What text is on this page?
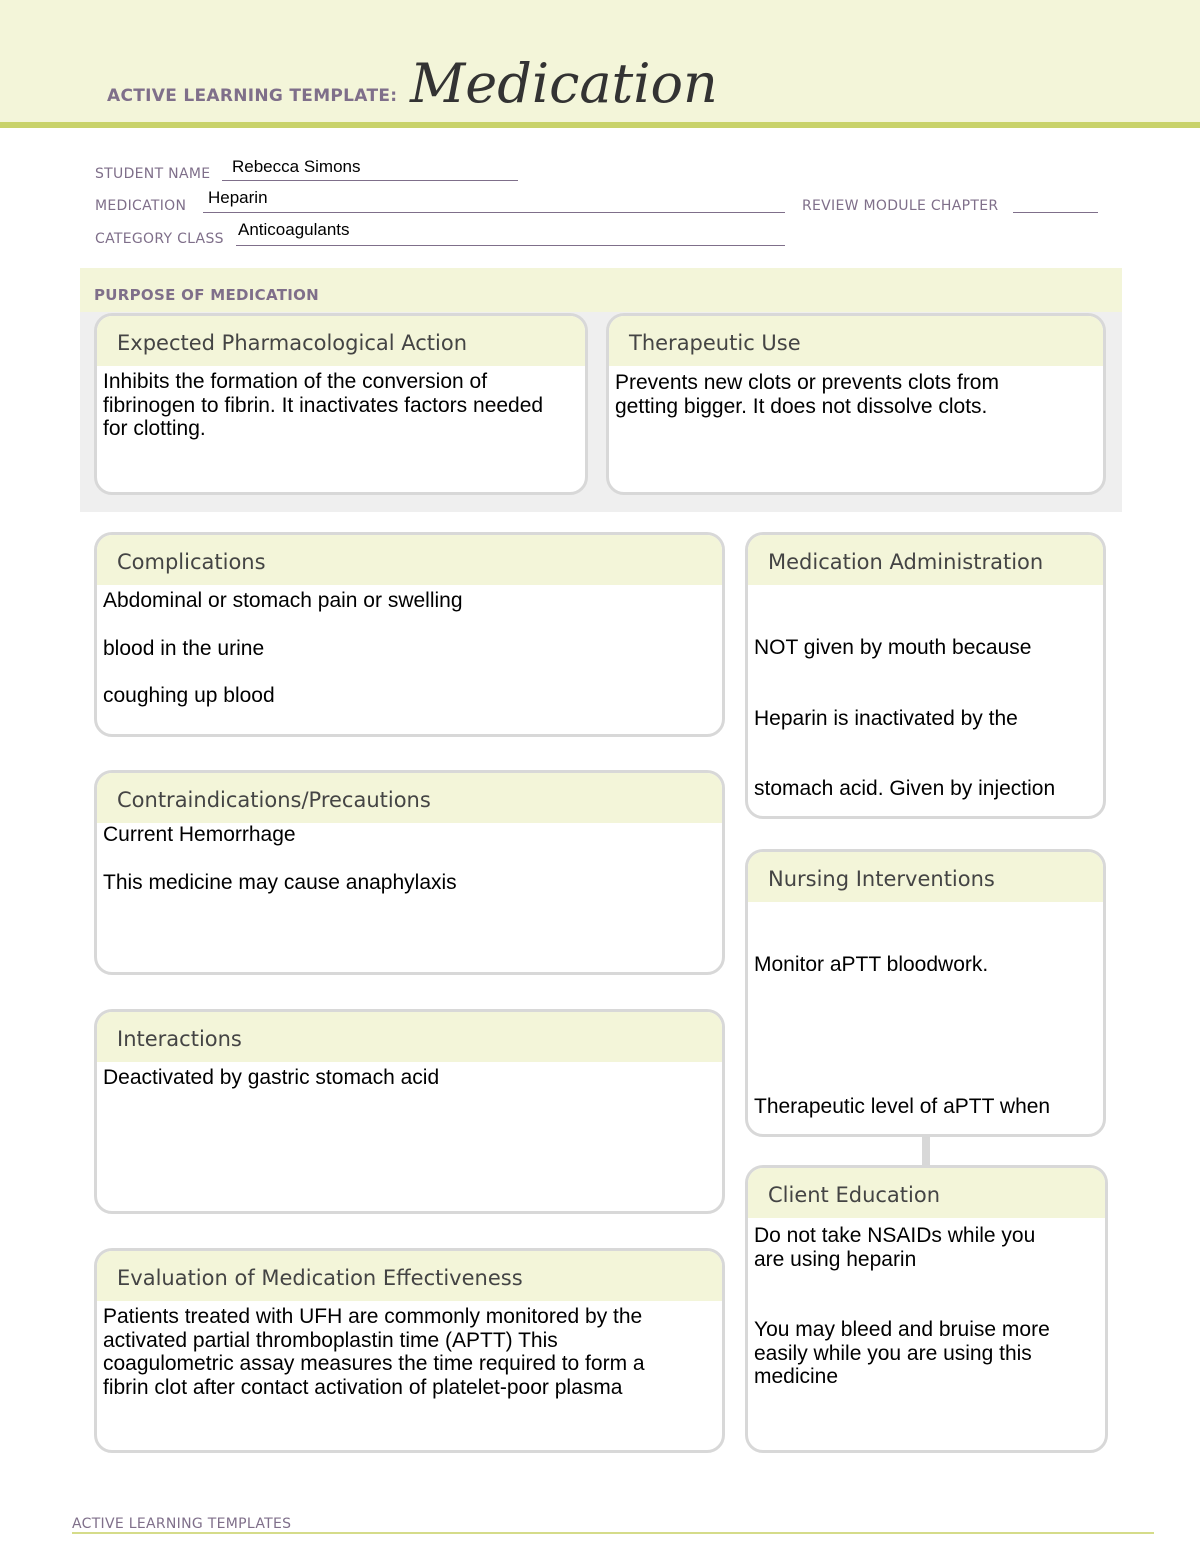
ACTIVE LEARNING TEMPLATE: Medication
STUDENT NAME Rebecca Simons
MEDICATION Heparin	REVIEW MODULE CHAPTER
CATEGORY CLASS Anticoagulants
PURPOSE OF MEDICATION
Expected Pharmacological Action
Inhibits the formation of the conversion of fibrinogen to fibrin. It inactivates factors needed for clotting.
Therapeutic Use
Prevents new clots or prevents clots from getting bigger. It does not dissolve clots.
Complications

Abdominal or stomach pain or swelling

blood in the urine

coughing up blood

Medication Administration

NOT given by mouth because

Heparin is inactivated by the

stomach acid. Given by injection

Contraindications/Precautions

Current Hemorrhage

This medicine may cause anaphylaxis	Nursing Interventions

Monitor aPTT bloodwork.

Therapeutic level of aPTT when

Interactions
Deactivated by gastric stomach acid
Client Education

Do not take NSAIDs while you

are using heparin

You may bleed and bruise more

easily while you are using this

medicine

Evaluation of Medication Effectiveness

Patients treated with UFH are commonly monitored by the

activated partial thromboplastin time (APTT) This

coagulometric assay measures the time required to form a

fibrin clot after contact activation of platelet-poor plasma

ACTIVE LEARNING TEMPLATES
